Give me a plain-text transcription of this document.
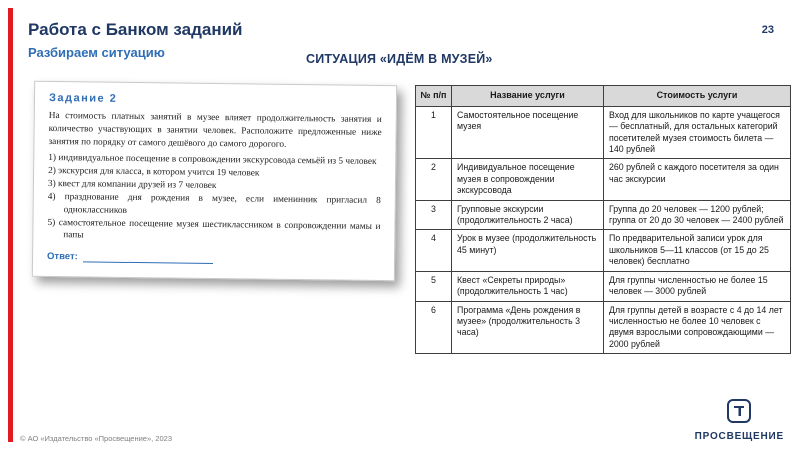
Работа с Банком заданий
Разбираем ситуацию
23
СИТУАЦИЯ «ИДЁМ В МУЗЕЙ»
Задание 2
На стоимость платных занятий в музее влияет продолжительность занятия и количество участвующих в занятии человек. Расположите предложенные ниже занятия по порядку от самого дешёвого до самого дорогого.
1) индивидуальное посещение в сопровождении экскурсовода семьёй из 5 человек
2) экскурсия для класса, в котором учится 19 человек
3) квест для компании друзей из 7 человек
4) празднование дня рождения в музее, если именинник пригласил 8 одноклассников
5) самостоятельное посещение музея шестиклассником в сопровождении мамы и папы
Ответ:
№ п/п	Название услуги	Стоимость услуги
1	Самостоятельное посещение музея	Вход для школьников по карте учащегося — бесплатный, для остальных категорий посетителей музея стоимость билета — 140 рублей
2	Индивидуальное посещение музея в сопровождении экскурсовода	260 рублей с каждого посетителя за один час экскурсии
3	Групповые экскурсии (продолжительность 2 часа)	Группа до 20 человек — 1200 рублей; группа от 20 до 30 человек — 2400 рублей
4	Урок в музее (продолжительность 45 минут)	По предварительной записи урок для школьников 5—11 классов (от 15 до 25 человек) бесплатно
5	Квест «Секреты природы» (продолжительность 1 час)	Для группы численностью не более 15 человек — 3000 рублей
6	Программа «День рождения в музее» (продолжительность 3 часа)	Для группы детей в возрасте с 4 до 14 лет численностью не более 10 человек с двумя взрослыми сопровождающими — 2000 рублей
© АО «Издательство «Просвещение», 2023	ПРОСВЕЩЕНИЕ
